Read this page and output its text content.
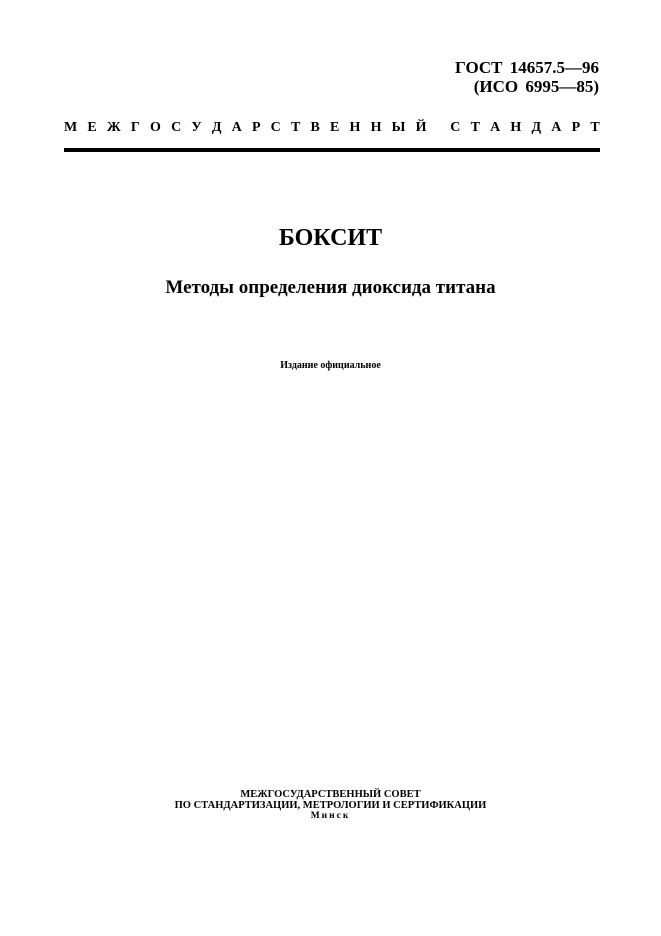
ГОСТ 14657.5—96
(ИСО 6995—85)
М Е Ж Г О С У Д А Р С Т В Е Н Н Ы Й
С Т А Н Д А Р Т
БОКСИТ
Методы определения диоксида титана
Издание официальное
МЕЖГОСУДАРСТВЕННЫЙ СОВЕТ
ПО СТАНДАРТИЗАЦИИ, МЕТРОЛОГИИ И СЕРТИФИКАЦИИ
Минск
